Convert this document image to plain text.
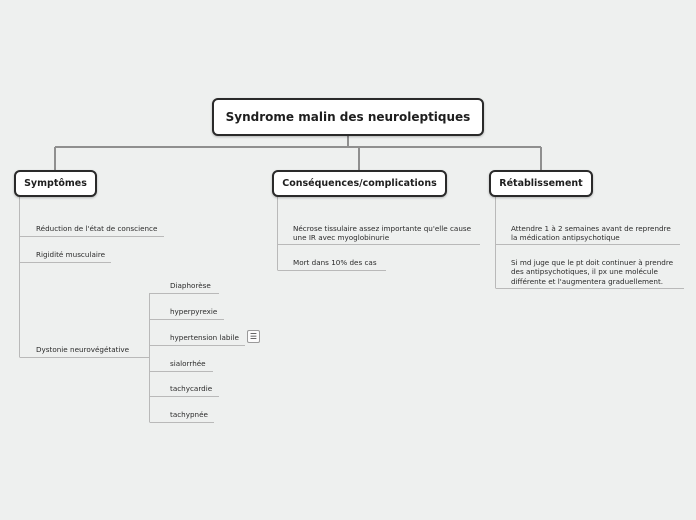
Syndrome malin des neuroleptiques
Symptômes	Conséquences/complications	Rétablissement
Réduction de l'état de conscience
Rigidité musculaire
Dystonie neurovégétative
Diaphorèse
hyperpyrexie
hypertension labile
sialorrhée
tachycardie
tachypnée
☰
Nécrose tissulaire assez importante qu'elle cause
une IR avec myoglobinurie
Mort dans 10% des cas
Attendre 1 à 2 semaines avant de reprendre
la médication antipsychotique
Si md juge que le pt doit continuer à prendre
des antipsychotiques, il px une molécule
différente et l'augmentera graduellement.
